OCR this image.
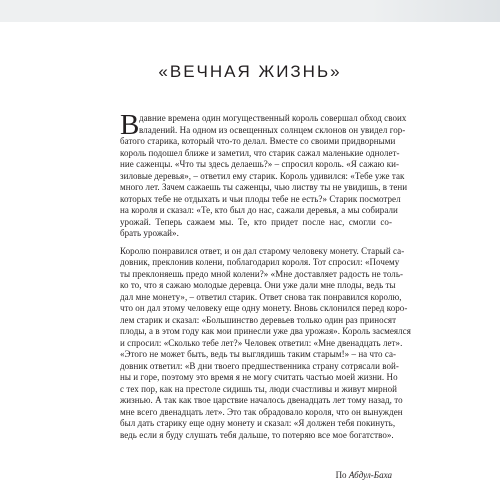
«ВЕЧНАЯ ЖИЗНЬ»
В давние времена один могущественный король совершал обход своих
владений. На одном из освещенных солнцем склонов он увидел гор-
батого старика, который что-то делал. Вместе со своими придворными
король подошел ближе и заметил, что старик сажал маленькие однолет-
ние саженцы. «Что ты здесь делаешь?» – спросил король. «Я сажаю ки-
зиловые деревья», – ответил ему старик. Король удивился: «Тебе уже так
много лет. Зачем сажаешь ты саженцы, чью листву ты не увидишь, в тени
которых тебе не отдыхать и чьи плоды тебе не есть?» Старик посмотрел
на короля и сказал: «Те, кто был до нас, сажали деревья, а мы собирали
урожай. Теперь сажаем мы. Те, кто придет после нас, смогли со-
брать урожай».
Королю понравился ответ, и он дал старому человеку монету. Старый са-
довник, преклонив колени, поблагодарил короля. Тот спросил: «Почему
ты преклоняешь предо мной колени?» «Мне доставляет радость не толь-
ко то, что я сажаю молодые деревца. Они уже дали мне плоды, ведь ты
дал мне монету», – ответил старик. Ответ снова так понравился королю,
что он дал этому человеку еще одну монету. Вновь склонился перед коро-
лем старик и сказал: «Большинство деревьев только один раз приносят
плоды, а в этом году как мои принесли уже два урожая». Король засмеялся
и спросил: «Сколько тебе лет?» Человек ответил: «Мне двенадцать лет».
«Этого не может быть, ведь ты выглядишь таким старым!» – на что са-
довник ответил: «В дни твоего предшественника страну сотрясали вой-
ны и горе, поэтому это время я не могу считать частью моей жизни. Но
с тех пор, как на престоле сидишь ты, люди счастливы и живут мирной
жизнью. А так как твое царствие началось двенадцать лет тому назад, то
мне всего двенадцать лет». Это так обрадовало короля, что он вынужден
был дать старику еще одну монету и сказал: «Я должен тебя покинуть,
ведь если я буду слушать тебя дальше, то потеряю все мое богатство».
По Абдул-Баха
